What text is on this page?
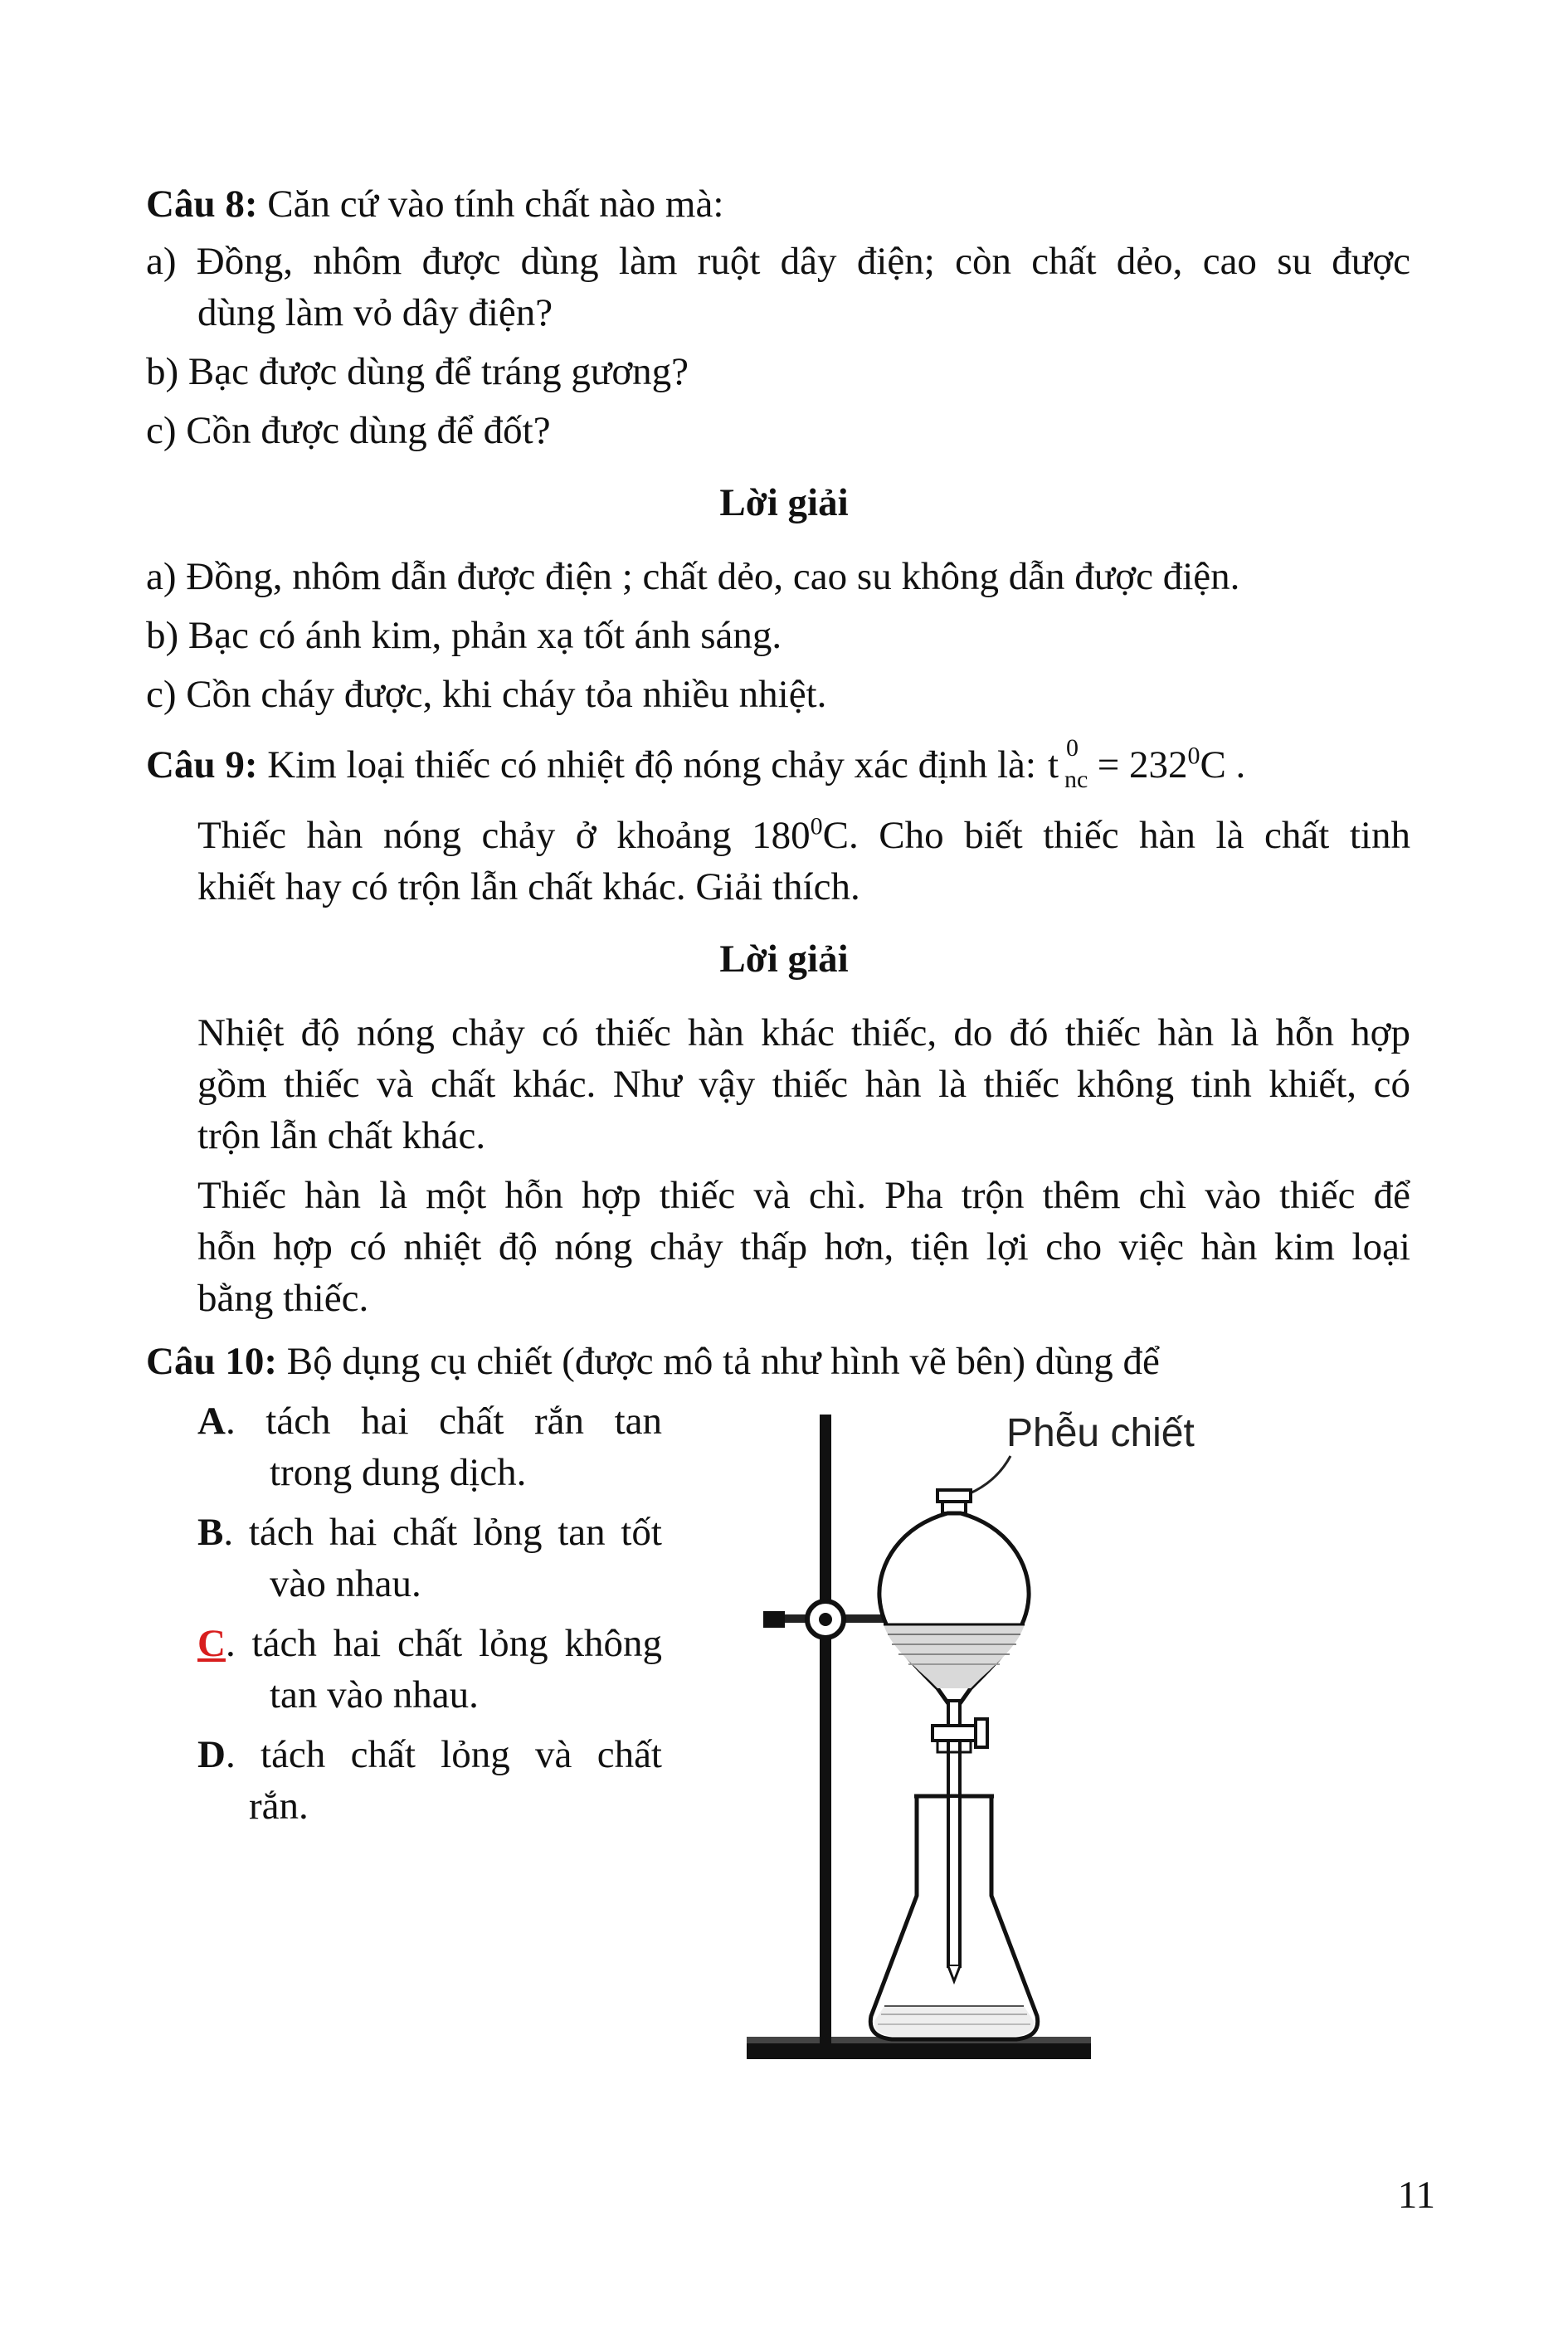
Câu 8: Căn cứ vào tính chất nào mà:
a) Đồng, nhôm được dùng làm ruột dây điện; còn chất dẻo, cao su được
dùng làm vỏ dây điện?
b) Bạc được dùng để tráng gương?
c) Cồn được dùng để đốt?
Lời giải
a) Đồng, nhôm dẫn được điện ; chất dẻo, cao su không dẫn được điện.
b) Bạc có ánh kim, phản xạ tốt ánh sáng.
c) Cồn cháy được, khi cháy tỏa nhiều nhiệt.
Câu 9: Kim loại thiếc có nhiệt độ nóng chảy xác định là: t 0
nc = $232^0C$ .
Thiếc hàn nóng chảy ở khoảng $180^0C$. Cho biết thiếc hàn là chất tinh
khiết hay có trộn lẫn chất khác. Giải thích.
Lời giải
Nhiệt độ nóng chảy có thiếc hàn khác thiếc, do đó thiếc hàn là hỗn hợp
gồm thiếc và chất khác. Như vậy thiếc hàn là thiếc không tinh khiết, có
trộn lẫn chất khác.
Thiếc hàn là một hỗn hợp thiếc và chì. Pha trộn thêm chì vào thiếc để
hỗn hợp có nhiệt độ nóng chảy thấp hơn, tiện lợi cho việc hàn kim loại
bằng thiếc.
Câu 10: Bộ dụng cụ chiết (được mô tả như hình vẽ bên) dùng để
A. tách hai chất rắn tan
trong dung dịch.
B. tách hai chất lỏng tan tốt
vào nhau.
C. tách hai chất lỏng không
tan vào nhau.
D. tách chất lỏng và chất
rắn.
Phễu chiết
11
